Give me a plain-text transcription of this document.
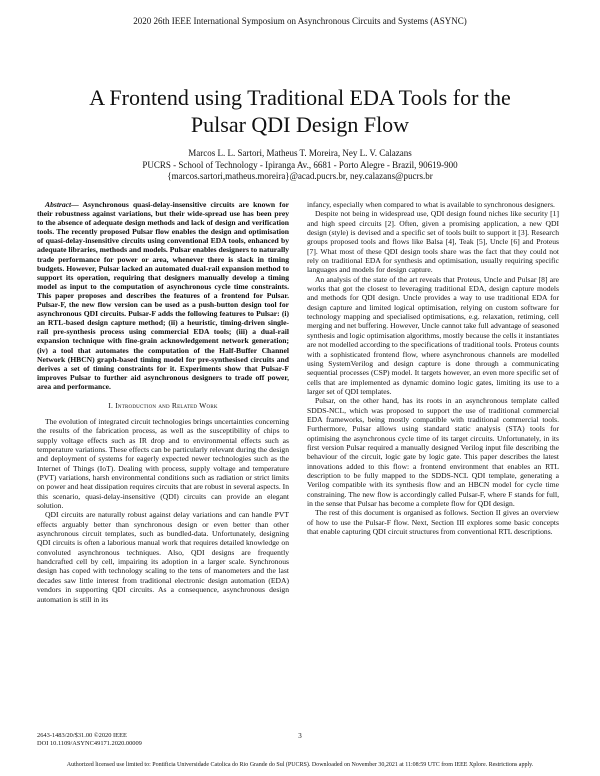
2020 26th IEEE International Symposium on Asynchronous Circuits and Systems (ASYNC)
A Frontend using Traditional EDA Tools for the
Pulsar QDI Design Flow
Marcos L. L. Sartori, Matheus T. Moreira, Ney L. V. Calazans
PUCRS - School of Technology - Ipiranga Av., 6681 - Porto Alegre - Brazil, 90619-900
{marcos.sartori,matheus.moreira}@acad.pucrs.br, ney.calazans@pucrs.br

Abstract— Asynchronous quasi-delay-insensitive circuits are known for their robustness against variations, but their wide-spread use has been prey to the absence of adequate design methods and lack of design and verification tools. The recently proposed Pulsar flow enables the design and optimisation of quasi-delay-insensitive circuits using conventional EDA tools, enhanced by adequate libraries, methods and models. Pulsar enables designers to naturally trade performance for power or area, whenever there is slack in timing budgets. However, Pulsar lacked an automated dual-rail expansion method to support its operation, requiring that designers manually develop a timing model as input to the computation of asynchronous cycle time constraints. This paper proposes and describes the features of a frontend for Pulsar. Pulsar-F, the new flow version can be used as a push-button design tool for asynchronous QDI circuits. Pulsar-F adds the following features to Pulsar: (i) an RTL-based design capture method; (ii) a heuristic, timing-driven single-rail pre-synthesis process using commercial EDA tools; (iii) a dual-rail expansion technique with fine-grain acknowledgement network generation; (iv) a tool that automates the computation of the Half-Buffer Channel Network (HBCN) graph-based timing model for pre-synthesised circuits and derives a set of timing constraints for it. Experiments show that Pulsar-F improves Pulsar to further aid asynchronous designers to trade off power, area and performance.

I. Introduction and Related Work

The evolution of integrated circuit technologies brings uncertainties concerning the results of the fabrication process, as well as the susceptibility of chips to supply voltage effects such as IR drop and to environmental effects such as temperature variations. These effects can be particularly relevant during the design and deployment of systems for eagerly expected newer technologies such as the Internet of Things (IoT). Dealing with process, supply voltage and temperature (PVT) variations, harsh environmental conditions such as radiation or strict limits on power and heat dissipation requires circuits that are robust in several aspects. In this scenario, quasi-delay-insensitive (QDI) circuits can provide an elegant solution.

QDI circuits are naturally robust against delay variations and can handle PVT effects arguably better than synchronous design or even better than other asynchronous circuit templates, such as bundled-data. Unfortunately, designing QDI circuits is often a laborious manual work that requires detailed knowledge on convoluted asynchronous techniques. Also, QDI designs are frequently handcrafted cell by cell, impairing its adoption in a larger scale. Synchronous design has coped with technology scaling to the tens of manometers and the last decades saw little interest from traditional electronic design automation (EDA) vendors in supporting QDI circuits. As a consequence, asynchronous design automation is still in its

infancy, especially when compared to what is available to synchronous designers.

Despite not being in widespread use, QDI design found niches like security [1] and high speed circuits [2]. Often, given a promising application, a new QDI design (style) is devised and a specific set of tools built to support it [3]. Research groups proposed tools and flows like Balsa [4], Teak [5], Uncle [6] and Proteus [7]. What most of these QDI design tools share was the fact that they could not rely on traditional EDA for synthesis and optimisation, usually requiring specific languages and models for design capture.

An analysis of the state of the art reveals that Proteus, Uncle and Pulsar [8] are works that got the closest to leveraging traditional EDA, design capture models and methods for QDI design. Uncle provides a way to use traditional EDA for design capture and limited logical optimisation, relying on custom software for technology mapping and specialised optimisations, e.g. relaxation, retiming, cell merging and net buffering. However, Uncle cannot take full advantage of seasoned synthesis and logic optimisation algorithms, mostly because the cells it instantiates are not modelled according to the specifications of traditional tools. Proteus counts with a sophisticated frontend flow, where asynchronous channels are modelled using SystemVerilog and design capture is done through a communicating sequential processes (CSP) model. It targets however, an even more specific set of cells that are implemented as dynamic domino logic gates, limiting its use to a larger set of QDI templates.

Pulsar, on the other hand, has its roots in an asynchronous template called SDDS-NCL, which was proposed to support the use of traditional commercial EDA frameworks, being mostly compatible with traditional commercial tools. Furthermore, Pulsar allows using standard static analysis (STA) tools for optimising the asynchronous cycle time of its target circuits. Unfortunately, in its first version Pulsar required a manually designed Verilog input file describing the behaviour of the circuit, logic gate by logic gate. This paper describes the latest innovations added to this flow: a frontend environment that enables an RTL description to be fully mapped to the SDDS-NCL QDI template, generating a Verilog compatible with its synthesis flow and an HBCN model for cycle time constraining. The new flow is accordingly called Pulsar-F, where F stands for full, in the sense that Pulsar has become a complete flow for QDI design.

The rest of this document is organised as follows. Section II gives an overview of how to use the Pulsar-F flow. Next, Section III explores some basic concepts that enable capturing QDI circuit structures from conventional RTL descriptions.

2643-1483/20/$31.00 ©2020 IEEE
DOI 10.1109/ASYNC49171.2020.00009
3
Authorized licensed use limited to: Pontificia Universidade Catolica do Rio Grande do Sul (PUCRS). Downloaded on November 30,2021 at 11:08:59 UTC from IEEE Xplore. Restrictions apply.
